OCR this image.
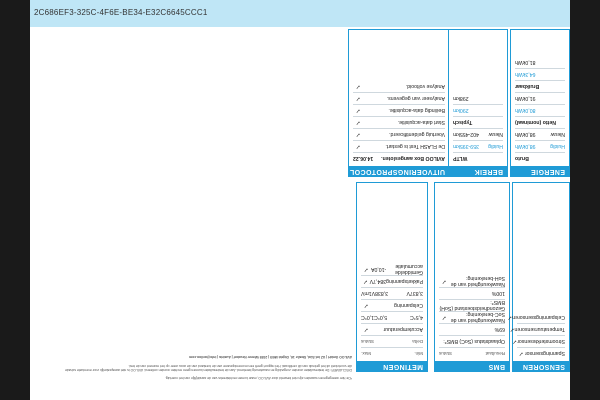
2C686EF3-325C-4F6E-BE34-E32C6645CCC1
UITVOERINGSPROTOCOL
AVILOO Box aangesloten.
14.06.22
De FLASH Test is gestart.
✓
Voertuig geïdentificeerd.
✓
Start data-acquisitie.
✓
Beëindig data-acquisitie.
✓
Analyseer van gegevens.
✓
Analyse voltooid.
✓
BEREIK
WLTP
Huidig
359-395km
Nieuw
402-455km
Typisch
290km
298km
ENERGIE
Bruto
Huidig
98,0kWh
Nieuw
98,0kWh
Netto (nominaal)
80,0kWh
91,0kWh
Bruikbaar
64,3kWh
81,0kWh
METINGEN
Min.
Max.
Delta
Status
Accutemperatuur
✓
4,5°C
5,0°C
1,0°C
Celspanning
✓
3,837V
3,838V
1mV
Pakketspanning
384,7V
✓
Gemiddelde accumulatie
-10,0A
✓
BMS
Resultaat
Status
Oplaadstatus (SoC) BMS*:
69%
Nauwkeurigheid van de SoC-berekening:
✓
Gezondheidstoestand (SoH) BMS*:
100%
Nauwkeurigheid van de SoH-berekening:
✓
SENSOREN
Spanningssensor
✓
Stroomsterktesensor
✓
Temperatuursensoren
✓
Celspanningssensoren
✓

*De hier weergegeven waarden zijn niet bewerkt door AVILOO, maar komen rechtstreeks van de aandrijflijn van het voertuig.

DISCLAIMER: De testresultaten worden zorgvuldig en nauwkeurig berekend. Aan de testresultaten kunnen geen rechten worden ontleend. AVILOO is niet aansprakelijk voor eventuele schade die voortvloeit uit het gebruik van dit certificaat. Het rapport geeft een momentopname van de toestand van de accu weer op het moment van de test.

AVILOO GmbH | UZ Inf-Süd, Straße 16, Objekt M6/5 | 2355 Wiener Neudorf | Austria | info@aviloo.com
